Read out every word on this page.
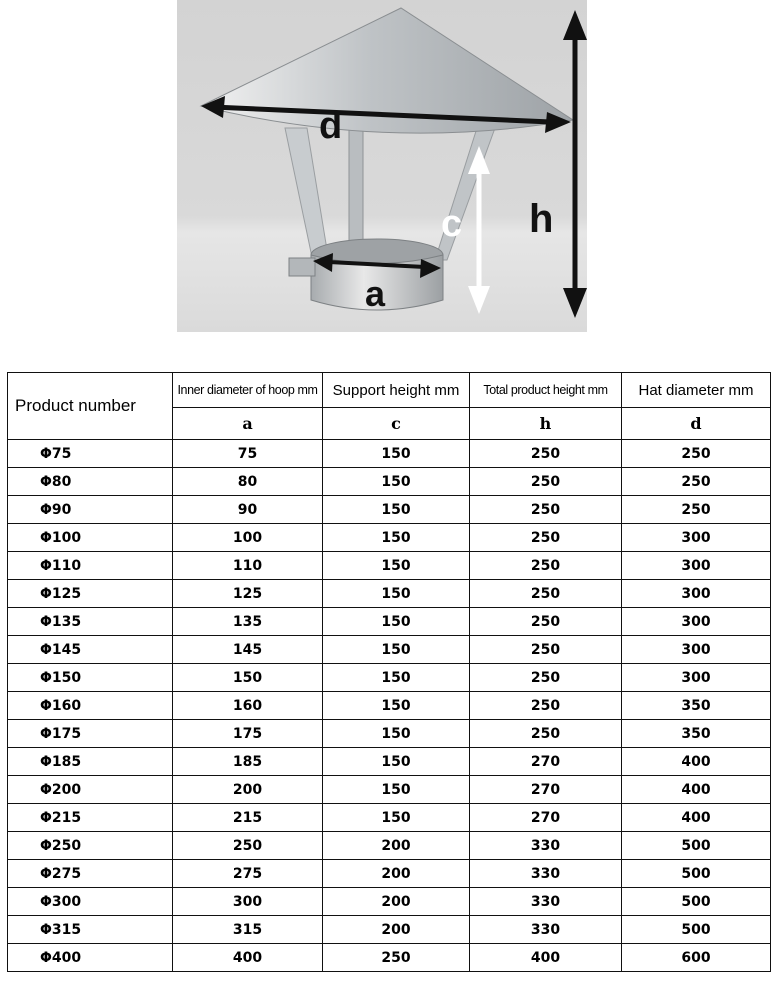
d
h
c
a
Product number	Inner diameter of hoop mm	Support height mm	Total product height mm	Hat diameter mm
	a	c	h	d
Φ75	75	150	250	250
Φ80	80	150	250	250
Φ90	90	150	250	250
Φ100	100	150	250	300
Φ110	110	150	250	300
Φ125	125	150	250	300
Φ135	135	150	250	300
Φ145	145	150	250	300
Φ150	150	150	250	300
Φ160	160	150	250	350
Φ175	175	150	250	350
Φ185	185	150	270	400
Φ200	200	150	270	400
Φ215	215	150	270	400
Φ250	250	200	330	500
Φ275	275	200	330	500
Φ300	300	200	330	500
Φ315	315	200	330	500
Φ400	400	250	400	600
